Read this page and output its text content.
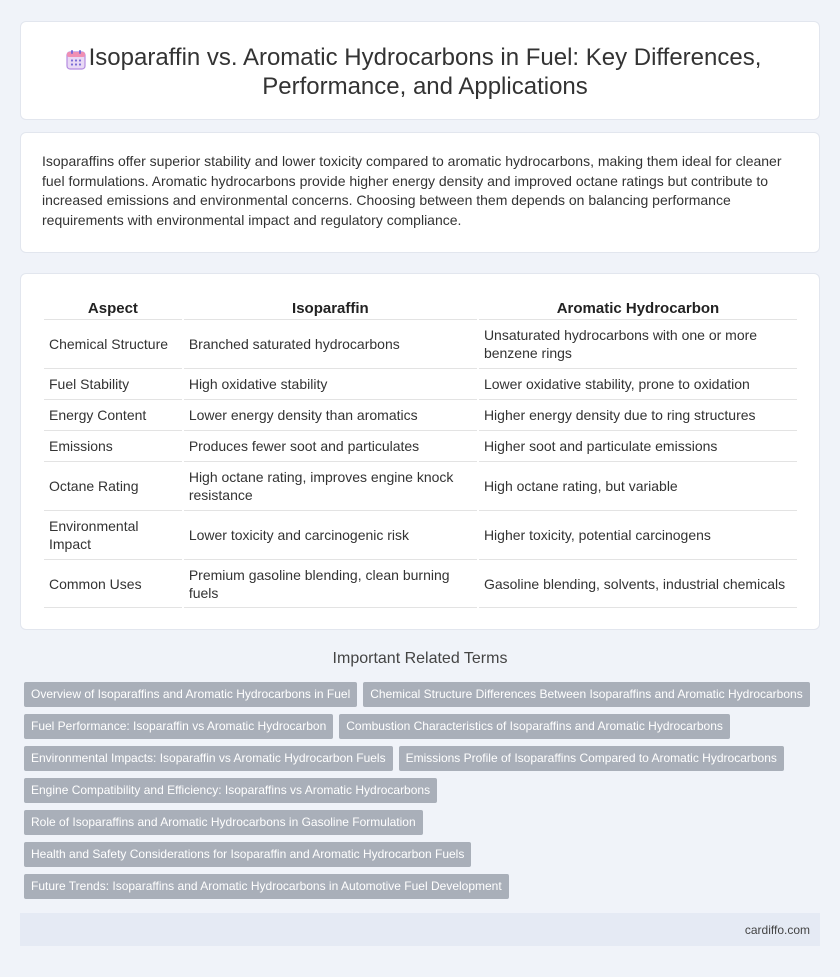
Isoparaffin vs. Aromatic Hydrocarbons in Fuel: Key Differences, Performance, and Applications

Isoparaffins offer superior stability and lower toxicity compared to aromatic hydrocarbons, making them ideal for cleaner fuel formulations. Aromatic hydrocarbons provide higher energy density and improved octane ratings but contribute to increased emissions and environmental concerns. Choosing between them depends on balancing performance requirements with environmental impact and regulatory compliance.

Aspect	Isoparaffin	Aromatic Hydrocarbon
Chemical Structure	Branched saturated hydrocarbons	Unsaturated hydrocarbons with one or more benzene rings
Fuel Stability	High oxidative stability	Lower oxidative stability, prone to oxidation
Energy Content	Lower energy density than aromatics	Higher energy density due to ring structures
Emissions	Produces fewer soot and particulates	Higher soot and particulate emissions
Octane Rating	High octane rating, improves engine knock resistance	High octane rating, but variable
Environmental Impact	Lower toxicity and carcinogenic risk	Higher toxicity, potential carcinogens
Common Uses	Premium gasoline blending, clean burning fuels	Gasoline blending, solvents, industrial chemicals
Important Related Terms
Overview of Isoparaffins and Aromatic Hydrocarbons in Fuel Chemical Structure Differences Between Isoparaffins and Aromatic Hydrocarbons
Fuel Performance: Isoparaffin vs Aromatic Hydrocarbon Combustion Characteristics of Isoparaffins and Aromatic Hydrocarbons
Environmental Impacts: Isoparaffin vs Aromatic Hydrocarbon Fuels Emissions Profile of Isoparaffins Compared to Aromatic Hydrocarbons
Engine Compatibility and Efficiency: Isoparaffins vs Aromatic Hydrocarbons
Role of Isoparaffins and Aromatic Hydrocarbons in Gasoline Formulation
Health and Safety Considerations for Isoparaffin and Aromatic Hydrocarbon Fuels
Future Trends: Isoparaffins and Aromatic Hydrocarbons in Automotive Fuel Development
cardiffo.com
